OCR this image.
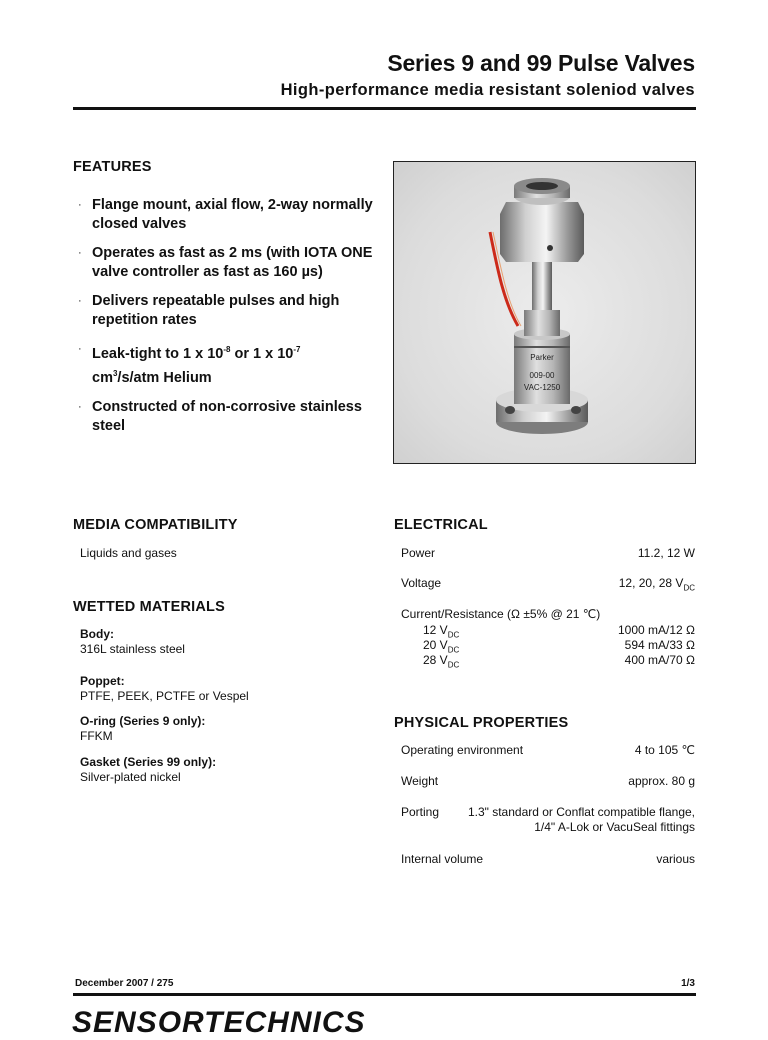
Series 9 and 99 Pulse Valves
High-performance media resistant soleniod valves
FEATURES
· Flange mount, axial flow, 2-way normally closed valves
· Operates as fast as 2 ms (with IOTA ONE valve controller as fast as 160 µs)
· Delivers repeatable pulses and high repetition rates
· Leak-tight to 1 x $10^{-8}$ or 1 x $10^{-7}$
$cm^3/s$/atm Helium
· Constructed of non-corrosive stainless steel
Parker
009-00
VAC-1250
MEDIA COMPATIBILITY
Liquids and gases
WETTED MATERIALS
Body:
316L stainless steel
Poppet:
PTFE, PEEK, PCTFE or Vespel
O-ring (Series 9 only):
FFKM
Gasket (Series 99 only):
Silver-plated nickel
ELECTRICAL
Power	11.2, 12 W
Voltage	12, 20, 28 $V_{DC}$
Current/Resistance (Ω ±5% @ 21 ℃)
12 $V_{DC}$	1000 mA/12 Ω
20 $V_{DC}$	594 mA/33 Ω
28 $V_{DC}$	400 mA/70 Ω
PHYSICAL PROPERTIES
Operating environment	4 to 105 ℃
Weight	approx. 80 g
Porting 1.3" standard or Conflat compatible flange,
1/4" A-Lok or VacuSeal fittings
Internal volume	various
December 2007 / 275	1/3
SENSORTECHNICS
